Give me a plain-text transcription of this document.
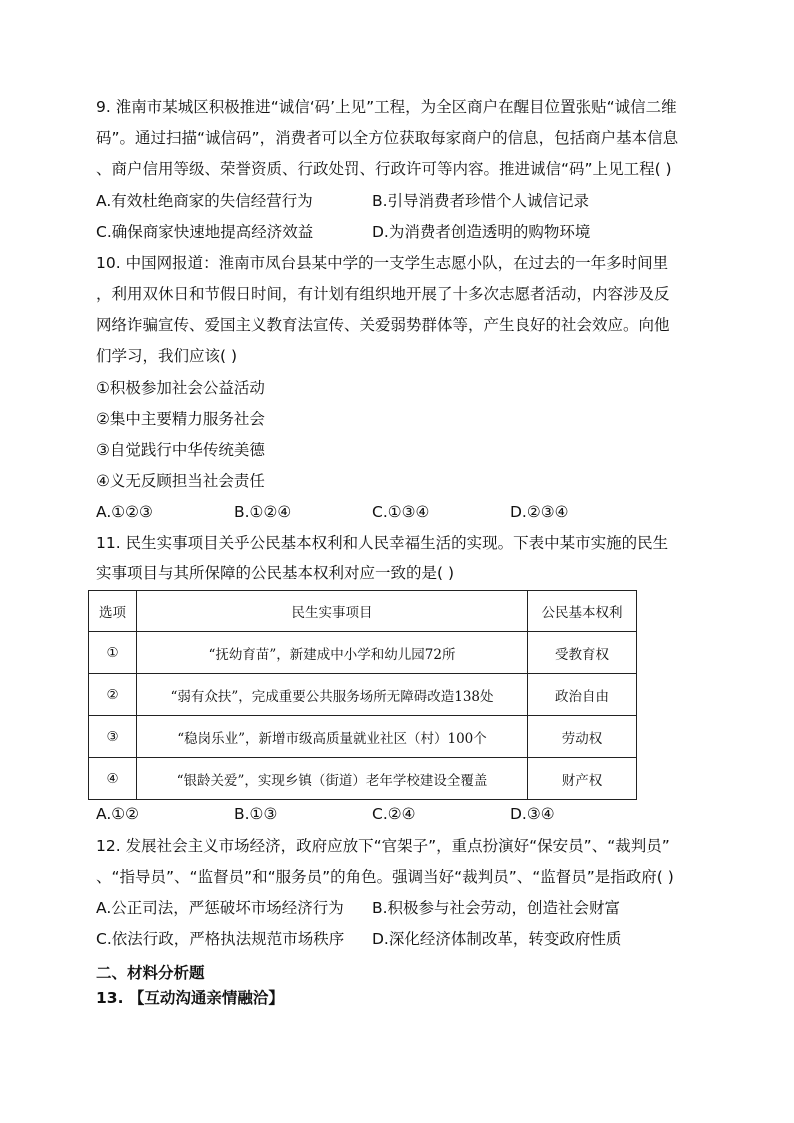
9. 淮南市某城区积极推进“诚信‘码’上见”工程，为全区商户在醒目位置张贴“诚信二维
码”。通过扫描“诚信码”，消费者可以全方位获取每家商户的信息，包括商户基本信息
、商户信用等级、荣誉资质、行政处罚、行政许可等内容。推进诚信“码”上见工程( )
A.有效杜绝商家的失信经营行为	B.引导消费者珍惜个人诚信记录
C.确保商家快速地提高经济效益	D.为消费者创造透明的购物环境
10. 中国网报道：淮南市凤台县某中学的一支学生志愿小队，在过去的一年多时间里
，利用双休日和节假日时间，有计划有组织地开展了十多次志愿者活动，内容涉及反
网络诈骗宣传、爱国主义教育法宣传、关爱弱势群体等，产生良好的社会效应。向他
们学习，我们应该( )
①积极参加社会公益活动
②集中主要精力服务社会
③自觉践行中华传统美德
④义无反顾担当社会责任
A.①②③	B.①②④	C.①③④	D.②③④
11. 民生实事项目关乎公民基本权利和人民幸福生活的实现。下表中某市实施的民生
实事项目与其所保障的公民基本权利对应一致的是( )
选项	民生实事项目	公民基本权利
①	“抚幼育苗”，新建成中小学和幼儿园72所	受教育权
②	“弱有众扶”，完成重要公共服务场所无障碍改造138处	政治自由
③	“稳岗乐业”，新增市级高质量就业社区（村）100个	劳动权
④	“银龄关爱”，实现乡镇（街道）老年学校建设全覆盖	财产权
A.①②	B.①③	C.②④	D.③④
12. 发展社会主义市场经济，政府应放下“官架子”，重点扮演好“保安员”、“裁判员”
、“指导员”、“监督员”和“服务员”的角色。强调当好“裁判员”、“监督员”是指政府( )
A.公正司法，严惩破坏市场经济行为 B.积极参与社会劳动，创造社会财富
C.依法行政，严格执法规范市场秩序 D.深化经济体制改革，转变政府性质
二、材料分析题
13. 【互动沟通亲情融洽】
